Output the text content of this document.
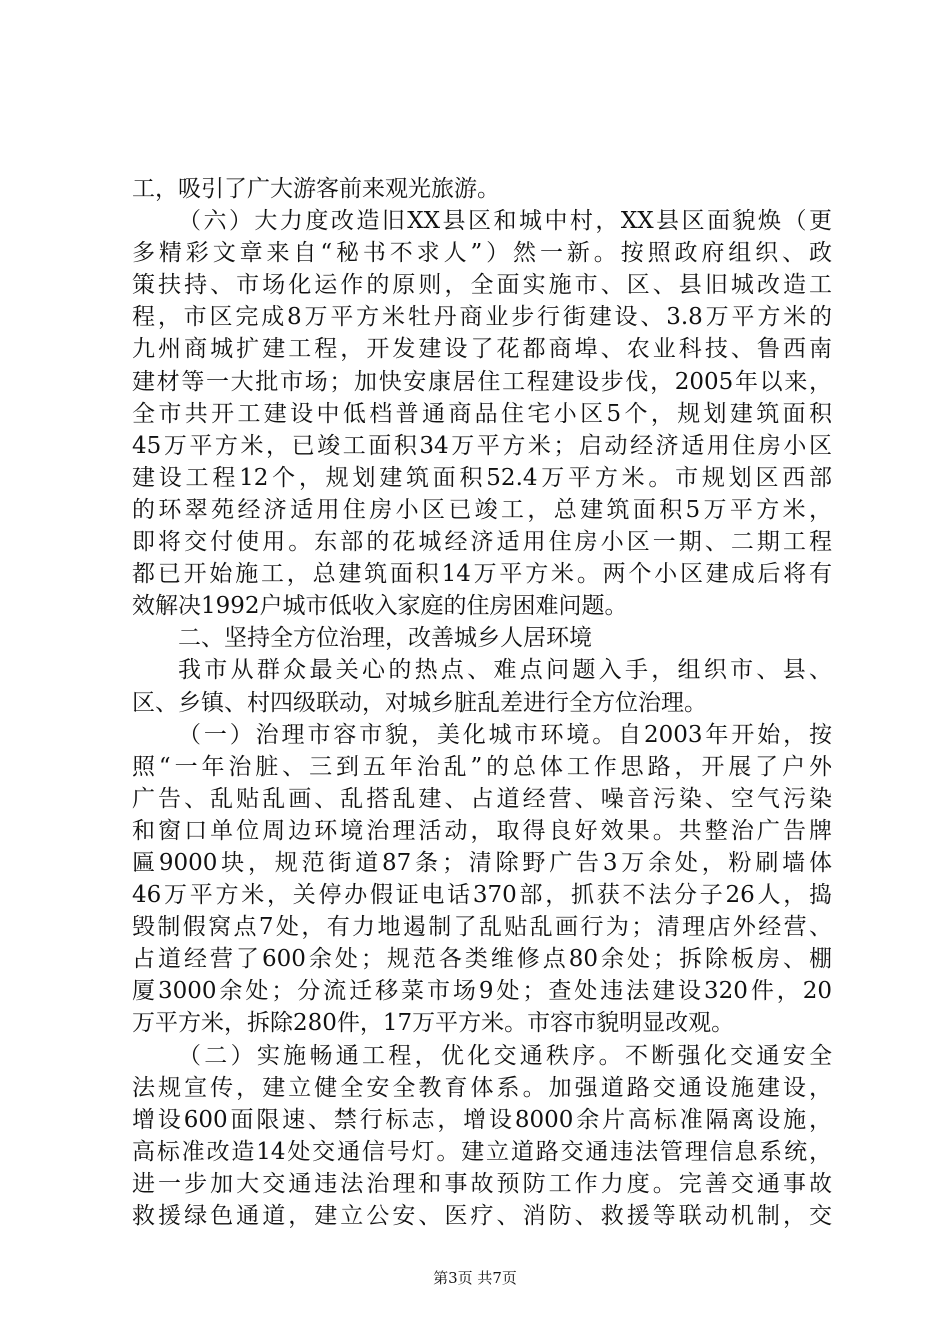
工，吸引了广大游客前来观光旅游。
（六）大力度改造旧XX县区和城中村，XX县区面貌焕（更
多精彩文章来自“秘书不求人”）然一新。按照政府组织、政
策扶持、市场化运作的原则，全面实施市、区、县旧城改造工
程，市区完成8万平方米牡丹商业步行街建设、3.8万平方米的
九州商城扩建工程，开发建设了花都商埠、农业科技、鲁西南
建材等一大批市场；加快安康居住工程建设步伐，2005年以来，
全市共开工建设中低档普通商品住宅小区5个，规划建筑面积
45万平方米，已竣工面积34万平方米；启动经济适用住房小区
建设工程12个，规划建筑面积52.4万平方米。市规划区西部
的环翠苑经济适用住房小区已竣工，总建筑面积5万平方米，
即将交付使用。东部的花城经济适用住房小区一期、二期工程
都已开始施工，总建筑面积14万平方米。两个小区建成后将有
效解决1992户城市低收入家庭的住房困难问题。
二、坚持全方位治理，改善城乡人居环境
我市从群众最关心的热点、难点问题入手，组织市、县、
区、乡镇、村四级联动，对城乡脏乱差进行全方位治理。
（一）治理市容市貌，美化城市环境。自2003年开始，按
照“一年治脏、三到五年治乱”的总体工作思路，开展了户外
广告、乱贴乱画、乱搭乱建、占道经营、噪音污染、空气污染
和窗口单位周边环境治理活动，取得良好效果。共整治广告牌
匾9000块，规范街道87条；清除野广告3万余处，粉刷墙体
46万平方米，关停办假证电话370部，抓获不法分子26人，捣
毁制假窝点7处，有力地遏制了乱贴乱画行为；清理店外经营、
占道经营了600余处；规范各类维修点80余处；拆除板房、棚
厦3000余处；分流迁移菜市场9处；查处违法建设320件，20
万平方米，拆除280件，17万平方米。市容市貌明显改观。
（二）实施畅通工程，优化交通秩序。不断强化交通安全
法规宣传，建立健全安全教育体系。加强道路交通设施建设，
增设600面限速、禁行标志，增设8000余片高标准隔离设施，
高标准改造14处交通信号灯。建立道路交通违法管理信息系统，
进一步加大交通违法治理和事故预防工作力度。完善交通事故
救援绿色通道，建立公安、医疗、消防、救援等联动机制，交
第3页 共7页
